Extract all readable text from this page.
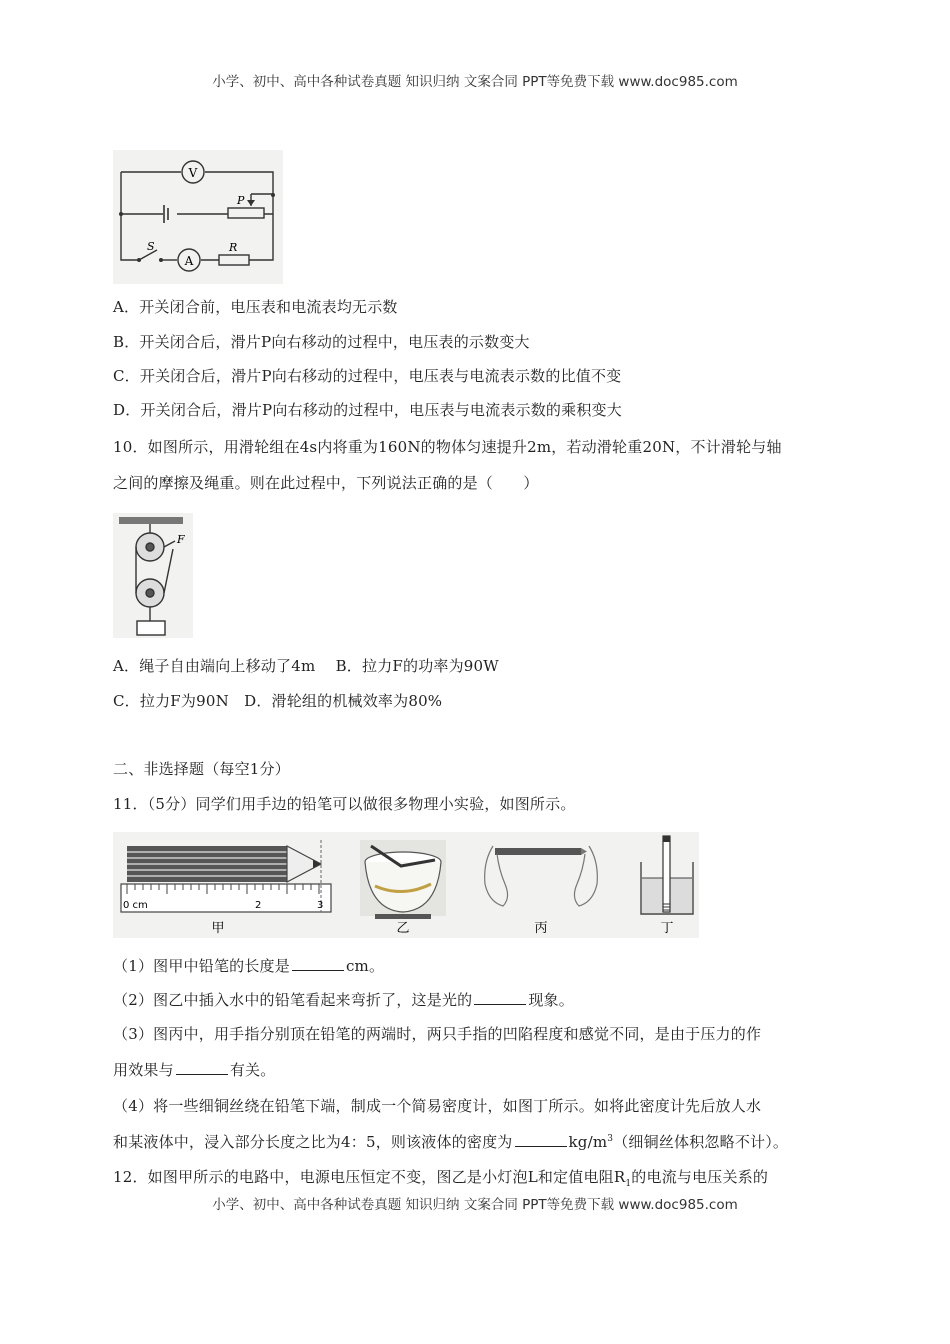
小学、初中、高中各种试卷真题 知识归纳 文案合同 PPT等免费下载 www.doc985.com
V
A
P
S	R
A．开关闭合前，电压表和电流表均无示数
B．开关闭合后，滑片P向右移动的过程中，电压表的示数变大
C．开关闭合后，滑片P向右移动的过程中，电压表与电流表示数的比值不变
D．开关闭合后，滑片P向右移动的过程中，电压表与电流表示数的乘积变大
10．如图所示，用滑轮组在4s内将重为160N的物体匀速提升2m，若动滑轮重20N，不计滑轮与轴
之间的摩擦及绳重。则在此过程中，下列说法正确的是（　　）
F
A．绳子自由端向上移动了4m　 B．拉力F的功率为90W
C．拉力F为90N　D．滑轮组的机械效率为80%
二、非选择题（每空1分）
11．（5分）同学们用手边的铅笔可以做很多物理小实验，如图所示。
0 cm	2	3
甲	乙	丙	丁
（1）图甲中铅笔的长度是	cm。
（2）图乙中插入水中的铅笔看起来弯折了，这是光的	现象。
（3）图丙中，用手指分别顶在铅笔的两端时，两只手指的凹陷程度和感觉不同，是由于压力的作
用效果与	有关。
（4）将一些细铜丝绕在铅笔下端，制成一个简易密度计，如图丁所示。如将此密度计先后放人水
和某液体中，浸入部分长度之比为4：5，则该液体的密度为	$kg/m^3$（细铜丝体积忽略不计）。
12．如图甲所示的电路中，电源电压恒定不变，图乙是小灯泡L和定值电阻$R_1$的电流与电压关系的
小学、初中、高中各种试卷真题 知识归纳 文案合同 PPT等免费下载 www.doc985.com
